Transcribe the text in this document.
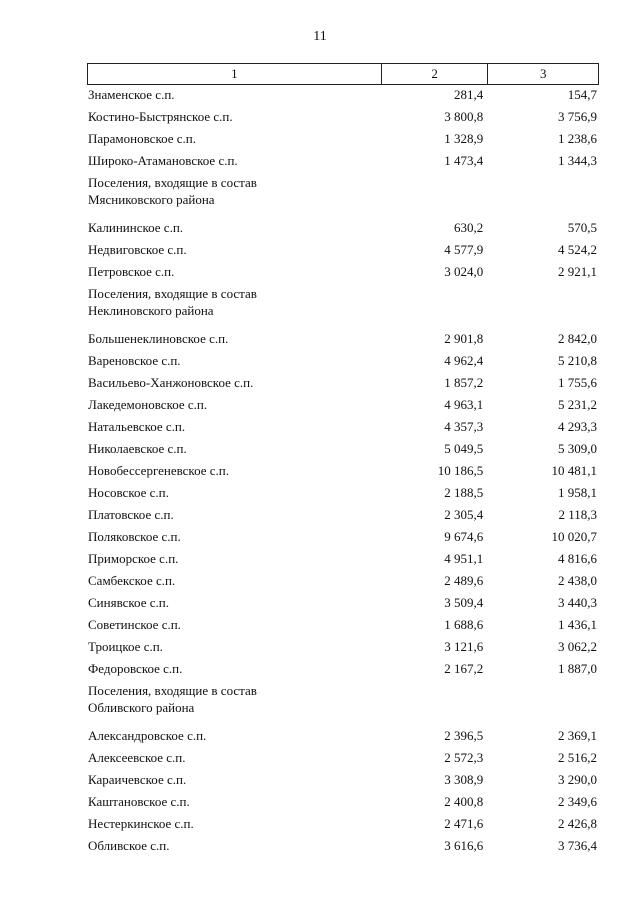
11
1	2	3
Знаменское с.п.	281,4	154,7
Костино-Быстрянское с.п.	3 800,8	3 756,9
Парамоновское с.п.	1 328,9	1 238,6
Широко-Атамановское с.п.	1 473,4	1 344,3
Поселения, входящие в состав
Мясниковского района
Калининское с.п.	630,2	570,5
Недвиговское с.п.	4 577,9	4 524,2
Петровское с.п.	3 024,0	2 921,1
Поселения, входящие в состав
Неклиновского района
Большенеклиновское с.п.	2 901,8	2 842,0
Вареновское с.п.	4 962,4	5 210,8
Васильево-Ханжоновское с.п.	1 857,2	1 755,6
Лакедемоновское с.п.	4 963,1	5 231,2
Натальевское с.п.	4 357,3	4 293,3
Николаевское с.п.	5 049,5	5 309,0
Новобессергеневское с.п.	10 186,5	10 481,1
Носовское с.п.	2 188,5	1 958,1
Платовское с.п.	2 305,4	2 118,3
Поляковское с.п.	9 674,6	10 020,7
Приморское с.п.	4 951,1	4 816,6
Самбекское с.п.	2 489,6	2 438,0
Синявское с.п.	3 509,4	3 440,3
Советинское с.п.	1 688,6	1 436,1
Троицкое с.п.	3 121,6	3 062,2
Федоровское с.п.	2 167,2	1 887,0
Поселения, входящие в состав
Обливского района
Александровское с.п.	2 396,5	2 369,1
Алексеевское с.п.	2 572,3	2 516,2
Караичевское с.п.	3 308,9	3 290,0
Каштановское с.п.	2 400,8	2 349,6
Нестеркинское с.п.	2 471,6	2 426,8
Обливское с.п.	3 616,6	3 736,4
